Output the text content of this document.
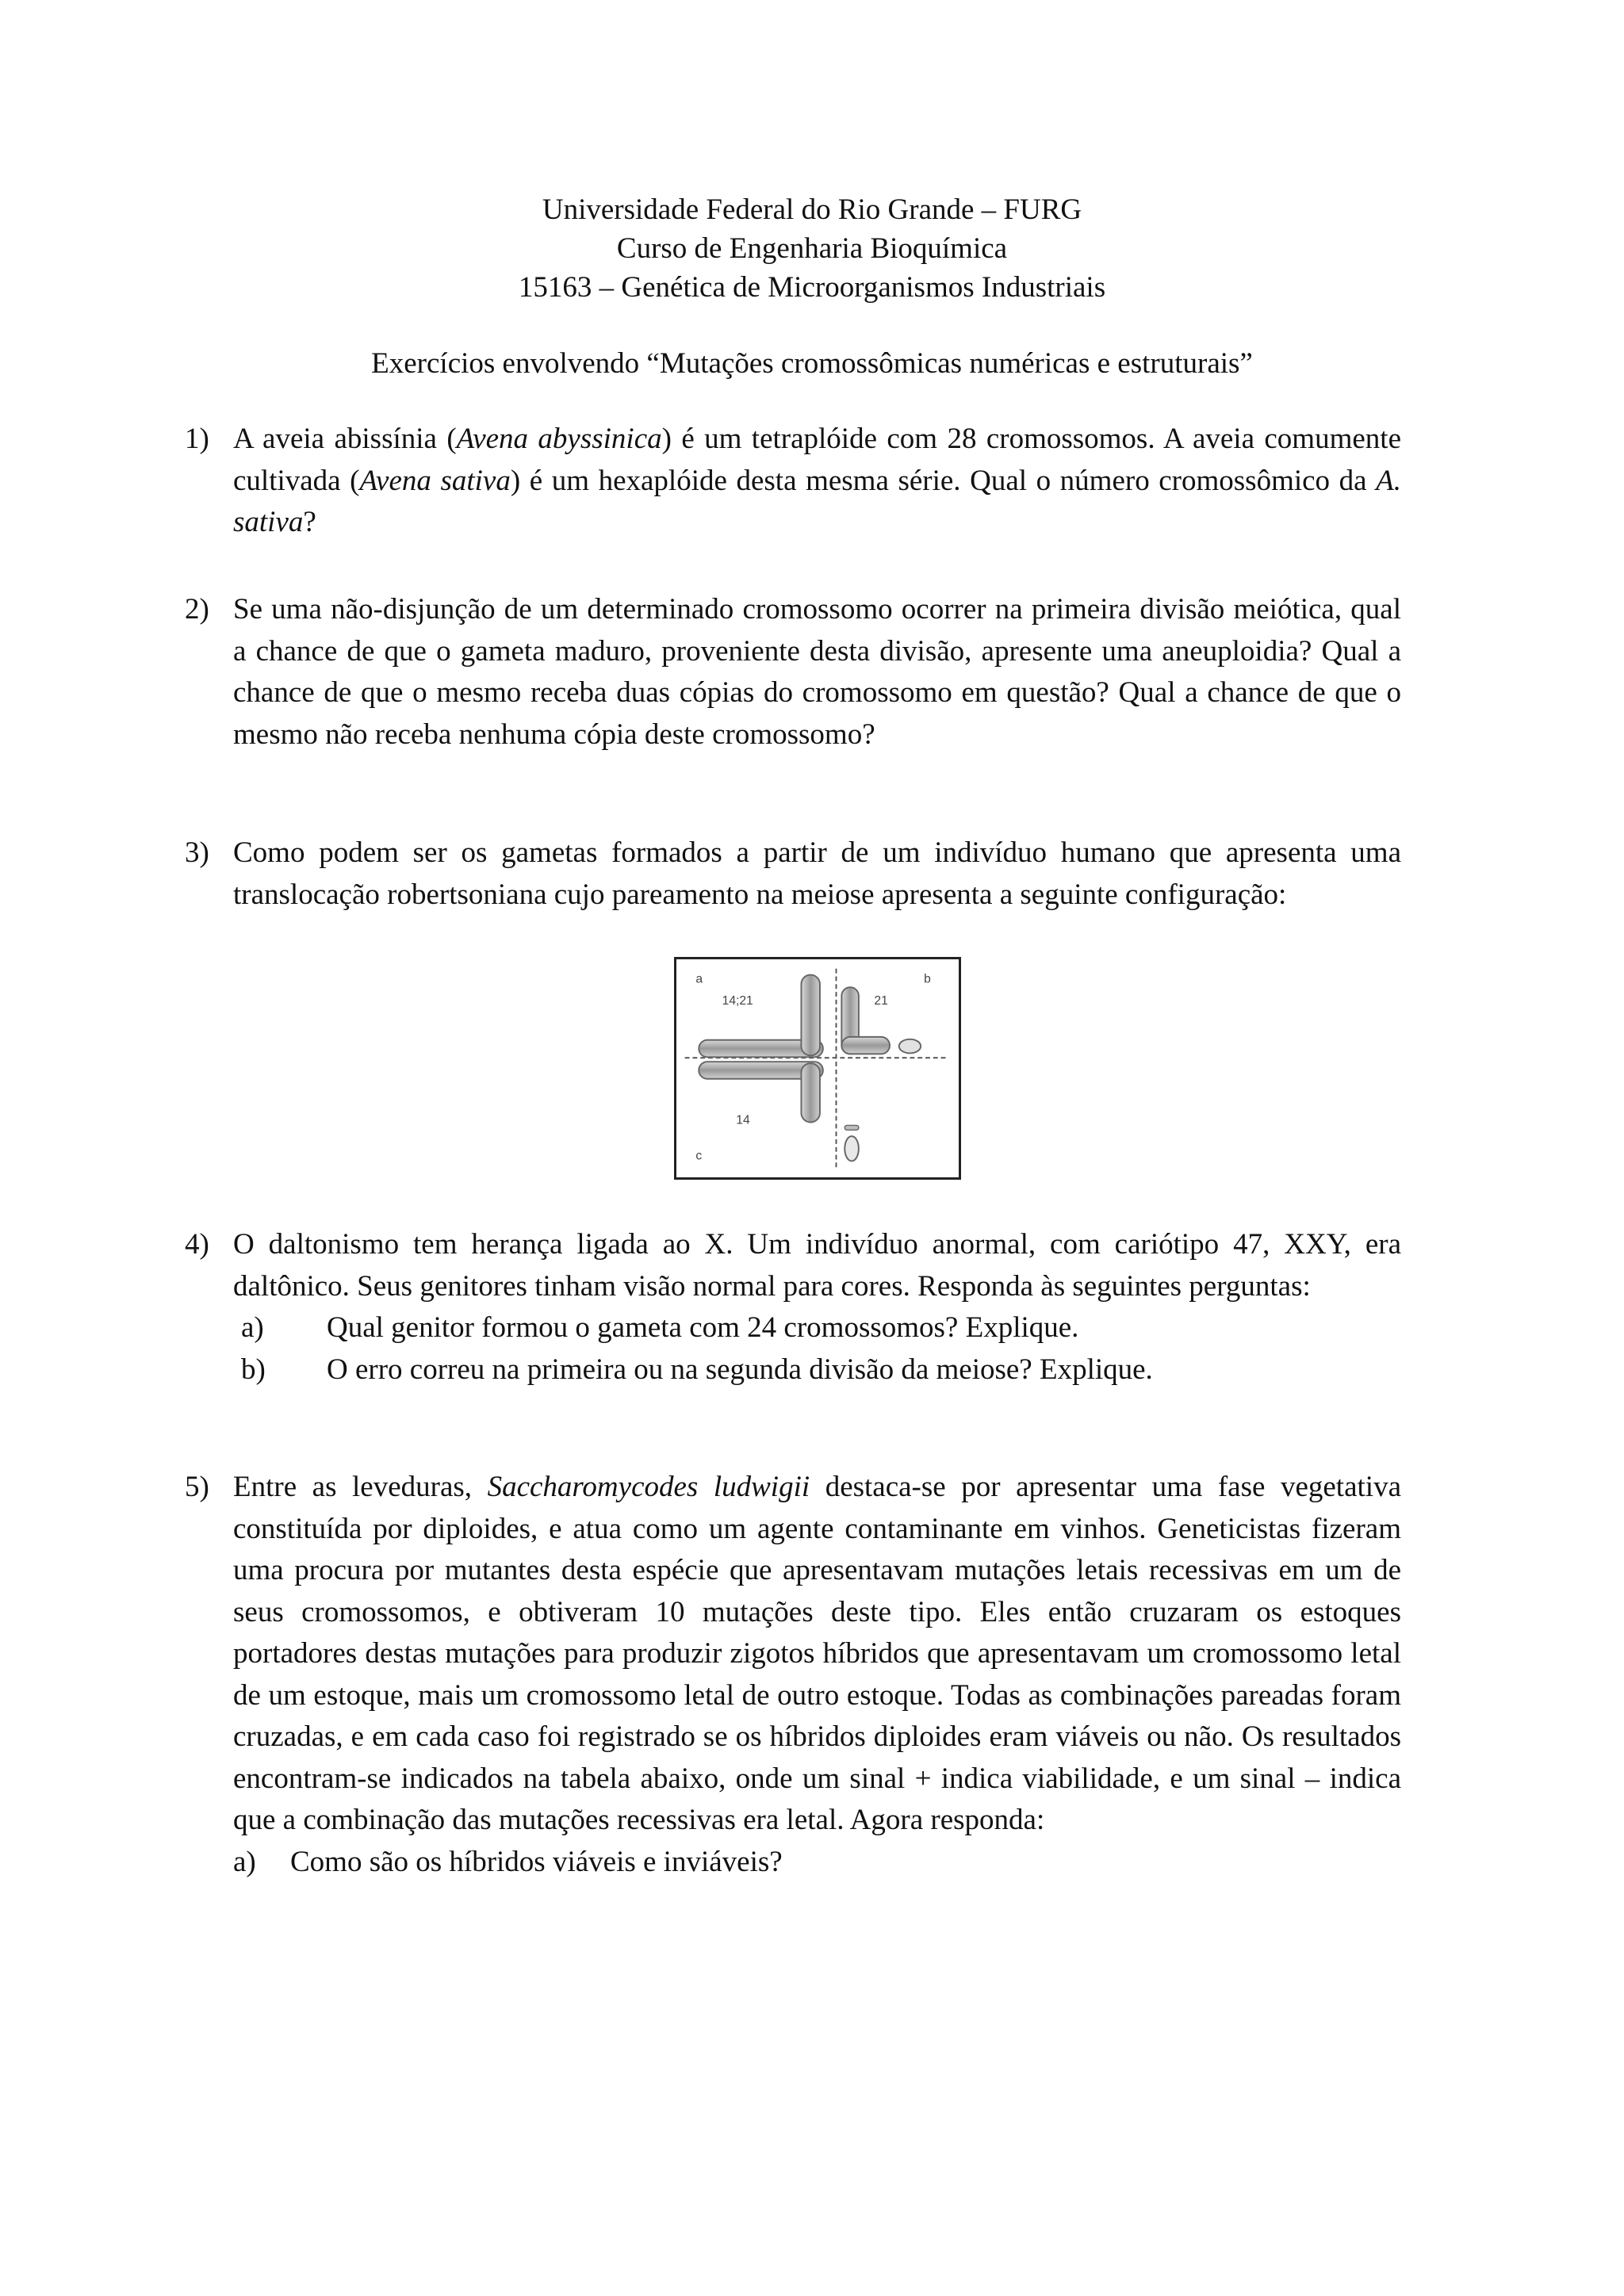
Universidade Federal do Rio Grande – FURG
Curso de Engenharia Bioquímica
15163 – Genética de Microorganismos Industriais
Exercícios envolvendo “Mutações cromossômicas numéricas e estruturais”
1) A aveia abissínia (Avena abyssinica) é um tetraplóide com 28 cromossomos. A aveia comumente cultivada (Avena sativa) é um hexaplóide desta mesma série. Qual o número cromossômico da A. sativa?
2) Se uma não-disjunção de um determinado cromossomo ocorrer na primeira divisão meiótica, qual a chance de que o gameta maduro, proveniente desta divisão, apresente uma aneuploidia? Qual a chance de que o mesmo receba duas cópias do cromossomo em questão? Qual a chance de que o mesmo não receba nenhuma cópia deste cromossomo?
3) Como podem ser os gametas formados a partir de um indivíduo humano que apresenta uma translocação robertsoniana cujo pareamento na meiose apresenta a seguinte configuração:
a	b
c
14;21	21
14
4) O daltonismo tem herança ligada ao X. Um indivíduo anormal, com cariótipo 47, XXY, era daltônico. Seus genitores tinham visão normal para cores. Responda às seguintes perguntas:
a) Qual genitor formou o gameta com 24 cromossomos? Explique.
b) O erro correu na primeira ou na segunda divisão da meiose? Explique.
5) Entre as leveduras, Saccharomycodes ludwigii destaca-se por apresentar uma fase vegetativa constituída por diploides, e atua como um agente contaminante em vinhos. Geneticistas fizeram uma procura por mutantes desta espécie que apresentavam mutações letais recessivas em um de seus cromossomos, e obtiveram 10 mutações deste tipo. Eles então cruzaram os estoques portadores destas mutações para produzir zigotos híbridos que apresentavam um cromossomo letal de um estoque, mais um cromossomo letal de outro estoque. Todas as combinações pareadas foram cruzadas, e em cada caso foi registrado se os híbridos diploides eram viáveis ou não. Os resultados encontram-se indicados na tabela abaixo, onde um sinal + indica viabilidade, e um sinal – indica que a combinação das mutações recessivas era letal. Agora responda:
a) Como são os híbridos viáveis e inviáveis?
